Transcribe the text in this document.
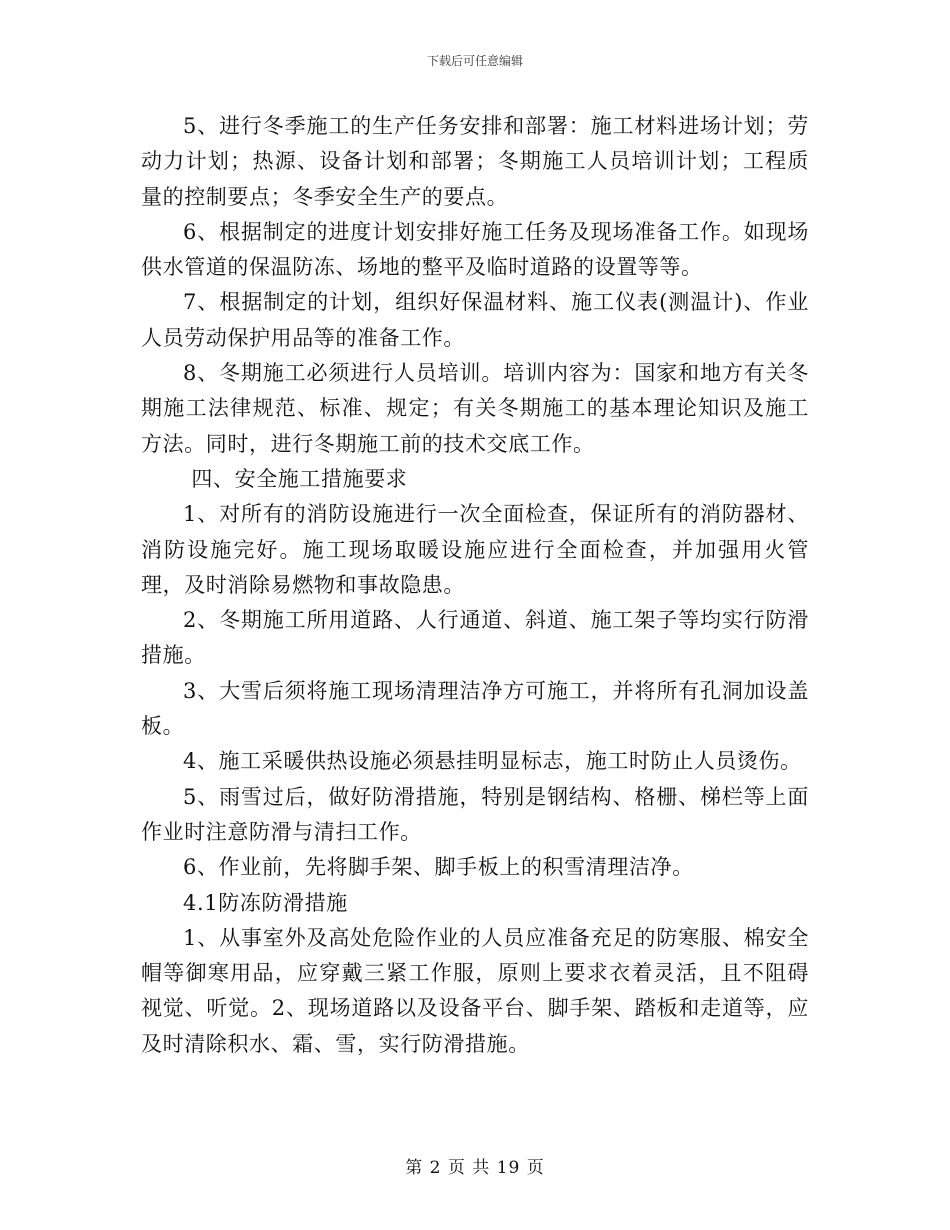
下载后可任意编辑

5、进行冬季施工的生产任务安排和部署：施工材料进场计划；劳动力计划；热源、设备计划和部署；冬期施工人员培训计划；工程质量的控制要点；冬季安全生产的要点。

6、根据制定的进度计划安排好施工任务及现场准备工作。如现场供水管道的保温防冻、场地的整平及临时道路的设置等等。

7、根据制定的计划，组织好保温材料、施工仪表(测温计)、作业人员劳动保护用品等的准备工作。

8、冬期施工必须进行人员培训。培训内容为：国家和地方有关冬期施工法律规范、标准、规定；有关冬期施工的基本理论知识及施工方法。同时，进行冬期施工前的技术交底工作。

四、安全施工措施要求

1、对所有的消防设施进行一次全面检查，保证所有的消防器材、消防设施完好。施工现场取暖设施应进行全面检查，并加强用火管理，及时消除易燃物和事故隐患。

2、冬期施工所用道路、人行通道、斜道、施工架子等均实行防滑措施。

3、大雪后须将施工现场清理洁净方可施工，并将所有孔洞加设盖板。

4、施工采暖供热设施必须悬挂明显标志，施工时防止人员烫伤。

5、雨雪过后，做好防滑措施，特别是钢结构、格栅、梯栏等上面作业时注意防滑与清扫工作。

6、作业前，先将脚手架、脚手板上的积雪清理洁净。

4.1防冻防滑措施

1、从事室外及高处危险作业的人员应准备充足的防寒服、棉安全帽等御寒用品，应穿戴三紧工作服，原则上要求衣着灵活，且不阻碍视觉、听觉。2、现场道路以及设备平台、脚手架、踏板和走道等，应及时清除积水、霜、雪，实行防滑措施。

第 2 页 共 19 页
